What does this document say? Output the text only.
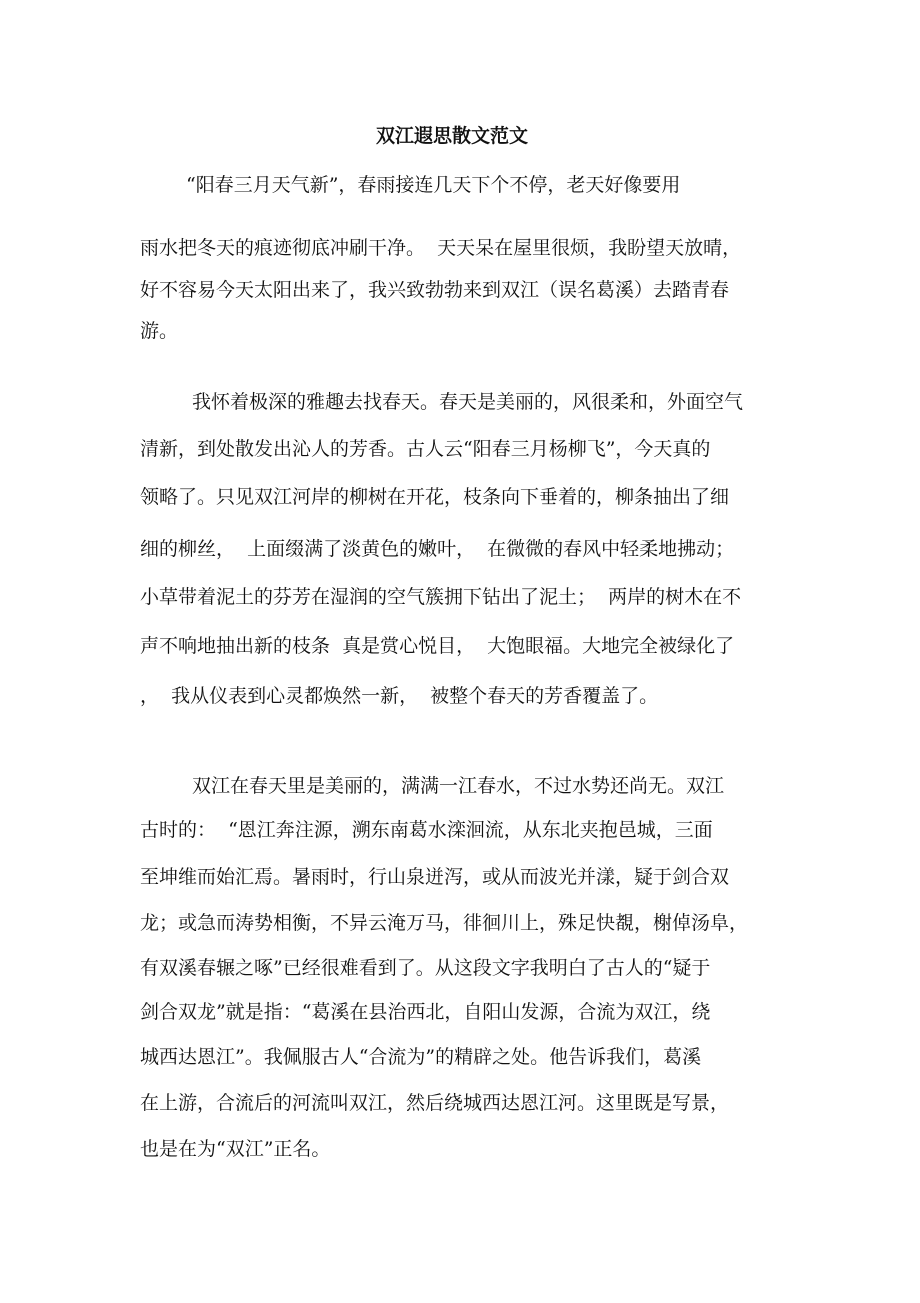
双江遐思散文范文

“阳春三月天气新”，春雨接连几天下个不停，老天好像要用

雨水把冬天的痕迹彻底冲刷干净。  天天呆在屋里很烦，我盼望天放晴，

好不容易今天太阳出来了，我兴致勃勃来到双江（误名葛溪）去踏青春

游。

我怀着极深的雅趣去找春天。春天是美丽的，风很柔和，外面空气

清新，到处散发出沁人的芳香。古人云“阳春三月杨柳飞”，今天真的

领略了。只见双江河岸的柳树在开花，枝条向下垂着的，柳条抽出了细

细的柳丝，  上面缀满了淡黄色的嫩叶，  在微微的春风中轻柔地拂动；

小草带着泥土的芬芳在湿润的空气簇拥下钻出了泥土；  两岸的树木在不

声不响地抽出新的枝条  真是赏心悦目，  大饱眼福。大地完全被绿化了

，  我从仪表到心灵都焕然一新，  被整个春天的芳香覆盖了。

双江在春天里是美丽的，满满一江春水，不过水势还尚无。双江

古时的：  “恩江奔注源，溯东南葛水滦洄流，从东北夹抱邑城，三面

至坤维而始汇焉。暑雨时，行山泉迸泻，或从而波光并漾，疑于剑合双

龙；或急而涛势相衡，不异云淹万马，徘徊川上，殊足快覩，榭倬汤阜，

有双溪春辗之啄”已经很难看到了。从这段文字我明白了古人的“疑于

剑合双龙”就是指：“葛溪在县治西北，自阳山发源，合流为双江，绕

城西达恩江”。我佩服古人“合流为”的精辟之处。他告诉我们，葛溪

在上游，合流后的河流叫双江，然后绕城西达恩江河。这里既是写景，

也是在为“双江”正名。
